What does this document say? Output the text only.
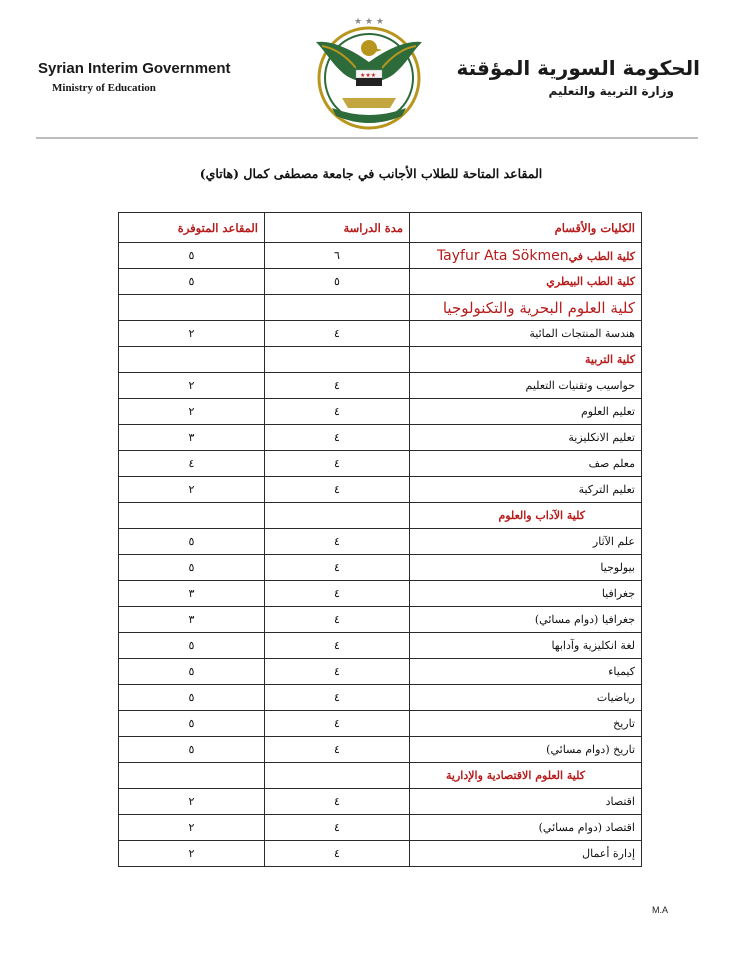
Syrian Interim Government
Ministry of Education
★ ★ ★
★★★	الحكومة السورية المؤقتة
وزارة التربية والتعليم
المقاعد المتاحة للطلاب الأجانب في جامعة مصطفى كمال (هاتاي)
الكليات والأقسام	مدة الدراسة	المقاعد المتوفرة
كلية الطب فيTayfur Ata Sökmen	٦	٥
كلية الطب البيطري	٥	٥
كلية العلوم البحرية والتكنولوجيا		
هندسة المنتجات المائية	٤	٢
كلية التربية		
حواسيب وتقنيات التعليم	٤	٢
تعليم العلوم	٤	٢
تعليم الانكليزية	٤	٣
معلم صف	٤	٤
تعليم التركية	٤	٢
كلية الآداب والعلوم		
علم الآثار	٤	٥
بيولوجيا	٤	٥
جغرافيا	٤	٣
جغرافيا (دوام مسائي)	٤	٣
لغة انكليزية وآدابها	٤	٥
كيمياء	٤	٥
رياضيات	٤	٥
تاريخ	٤	٥
تاريخ (دوام مسائي)	٤	٥
كلية العلوم الاقتصادية والإدارية		
اقتصاد	٤	٢
اقتصاد (دوام مسائي)	٤	٢
إدارة أعمال	٤	٢
M.A
